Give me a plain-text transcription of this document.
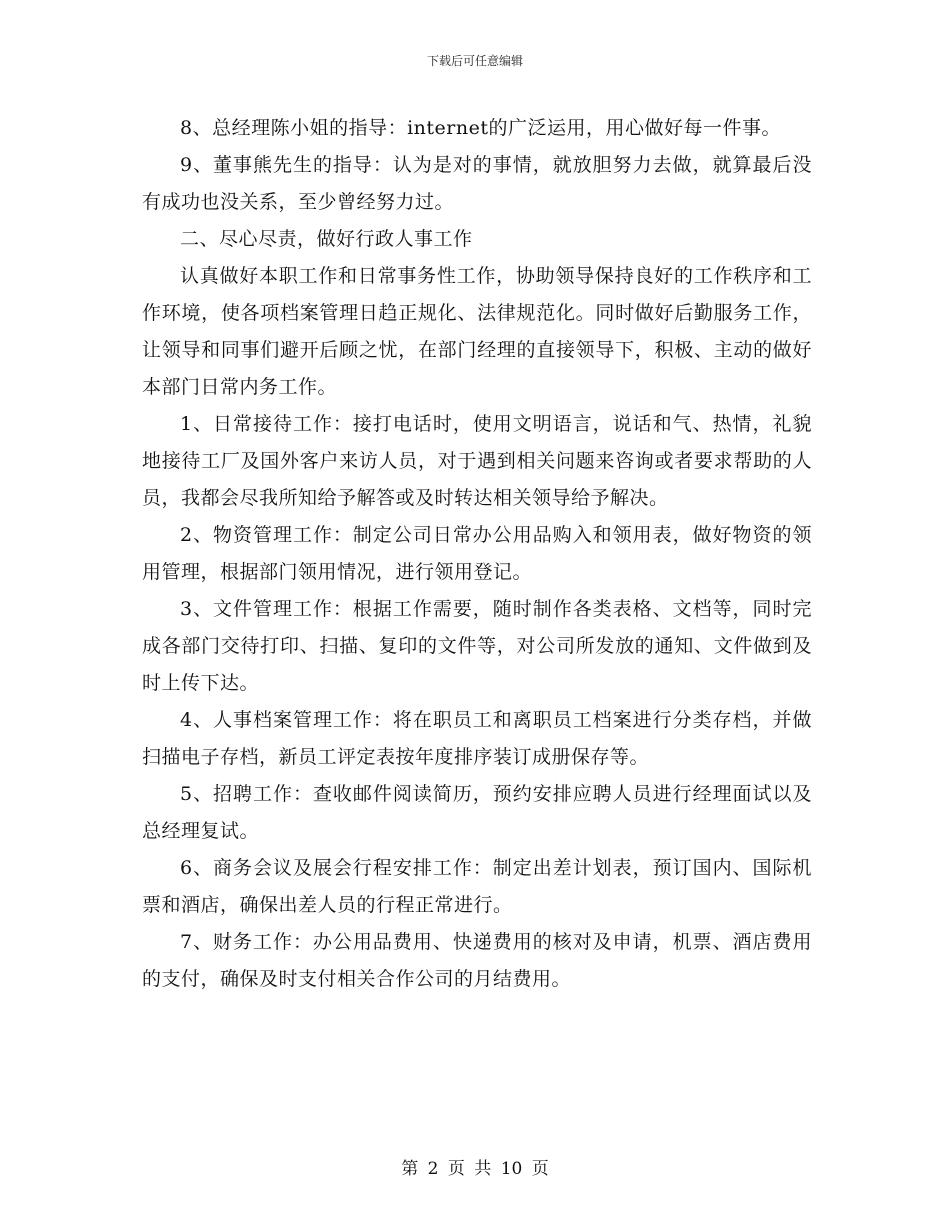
下载后可任意编辑

8、总经理陈小姐的指导：internet的广泛运用，用心做好每一件事。

9、董事熊先生的指导：认为是对的事情，就放胆努力去做，就算最后没有成功也没关系，至少曾经努力过。

二、尽心尽责，做好行政人事工作

认真做好本职工作和日常事务性工作，协助领导保持良好的工作秩序和工作环境，使各项档案管理日趋正规化、法律规范化。同时做好后勤服务工作，让领导和同事们避开后顾之忧，在部门经理的直接领导下，积极、主动的做好本部门日常内务工作。

1、日常接待工作：接打电话时，使用文明语言，说话和气、热情，礼貌地接待工厂及国外客户来访人员，对于遇到相关问题来咨询或者要求帮助的人员，我都会尽我所知给予解答或及时转达相关领导给予解决。

2、物资管理工作：制定公司日常办公用品购入和领用表，做好物资的领用管理，根据部门领用情况，进行领用登记。

3、文件管理工作：根据工作需要，随时制作各类表格、文档等，同时完成各部门交待打印、扫描、复印的文件等，对公司所发放的通知、文件做到及时上传下达。

4、人事档案管理工作：将在职员工和离职员工档案进行分类存档，并做扫描电子存档，新员工评定表按年度排序装订成册保存等。

5、招聘工作：查收邮件阅读简历，预约安排应聘人员进行经理面试以及总经理复试。

6、商务会议及展会行程安排工作：制定出差计划表，预订国内、国际机票和酒店，确保出差人员的行程正常进行。

7、财务工作：办公用品费用、快递费用的核对及申请，机票、酒店费用的支付，确保及时支付相关合作公司的月结费用。

第 2 页 共 10 页
